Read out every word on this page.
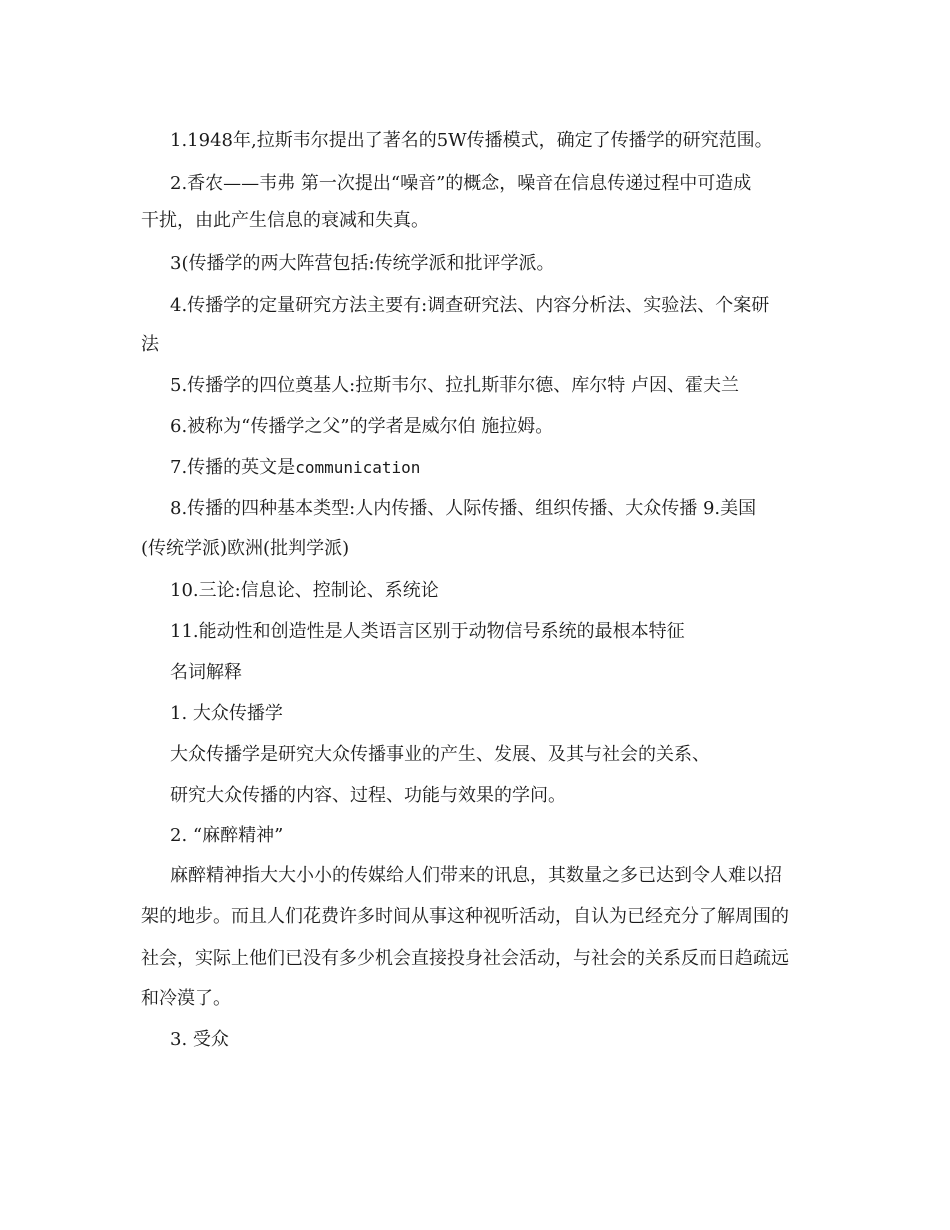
1.1948年,拉斯韦尔提出了著名的5W传播模式，确定了传播学的研究范围。
2.香农——韦弗 第一次提出“噪音”的概念，噪音在信息传递过程中可造成
干扰，由此产生信息的衰减和失真。
3(传播学的两大阵营包括:传统学派和批评学派。
4.传播学的定量研究方法主要有:调查研究法、内容分析法、实验法、个案研
法
5.传播学的四位奠基人:拉斯韦尔、拉扎斯菲尔德、库尔特 卢因、霍夫兰
6.被称为“传播学之父”的学者是威尔伯 施拉姆。
7.传播的英文是communication
8.传播的四种基本类型:人内传播、人际传播、组织传播、大众传播 9.美国
(传统学派)欧洲(批判学派)
10.三论:信息论、控制论、系统论
11.能动性和创造性是人类语言区别于动物信号系统的最根本特征
名词解释
1. 大众传播学
大众传播学是研究大众传播事业的产生、发展、及其与社会的关系、
研究大众传播的内容、过程、功能与效果的学问。
2. “麻醉精神”
麻醉精神指大大小小的传媒给人们带来的讯息，其数量之多已达到令人难以招
架的地步。而且人们花费许多时间从事这种视听活动，自认为已经充分了解周围的
社会，实际上他们已没有多少机会直接投身社会活动，与社会的关系反而日趋疏远
和冷漠了。
3. 受众
